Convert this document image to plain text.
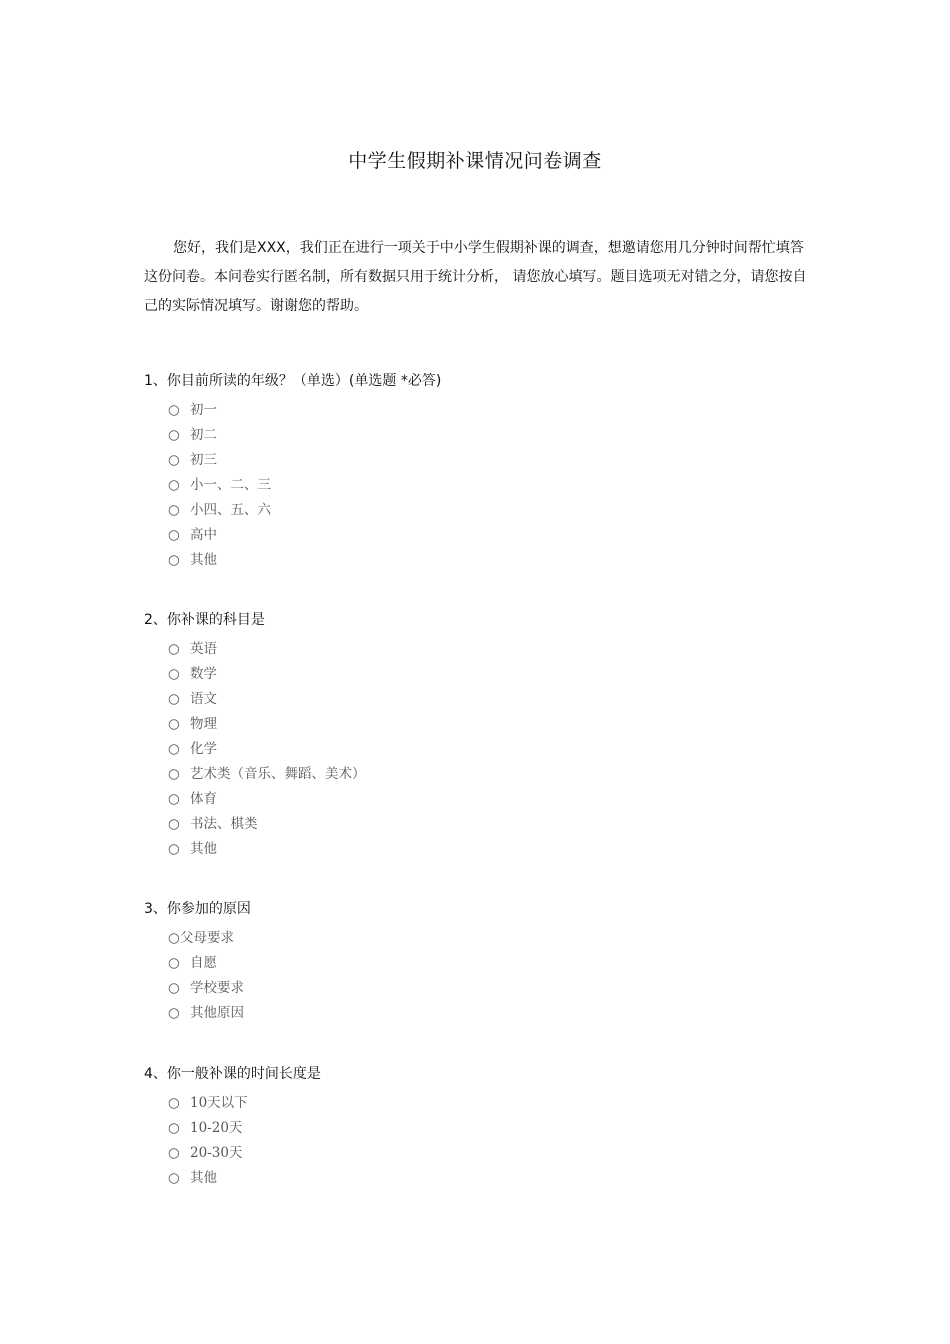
中学生假期补课情况问卷调查
您好，我们是XXX，我们正在进行一项关于中小学生假期补课的调查，想邀请您用几分钟时间帮忙填答这份问卷。本问卷实行匿名制，所有数据只用于统计分析， 请您放心填写。题目选项无对错之分，请您按自己的实际情况填写。谢谢您的帮助。
1、你目前所读的年级？（单选）(单选题 *必答)
○ 初一
○ 初二
○ 初三
○ 小一、二、三
○ 小四、五、六
○ 高中
○ 其他
2、你补课的科目是
○ 英语
○ 数学
○ 语文
○ 物理
○ 化学
○ 艺术类（音乐、舞蹈、美术）
○ 体育
○ 书法、棋类
○ 其他
3、你参加的原因
○父母要求
○ 自愿
○ 学校要求
○ 其他原因
4、你一般补课的时间长度是
○ 10天以下
○ 10-20天
○ 20-30天
○ 其他
